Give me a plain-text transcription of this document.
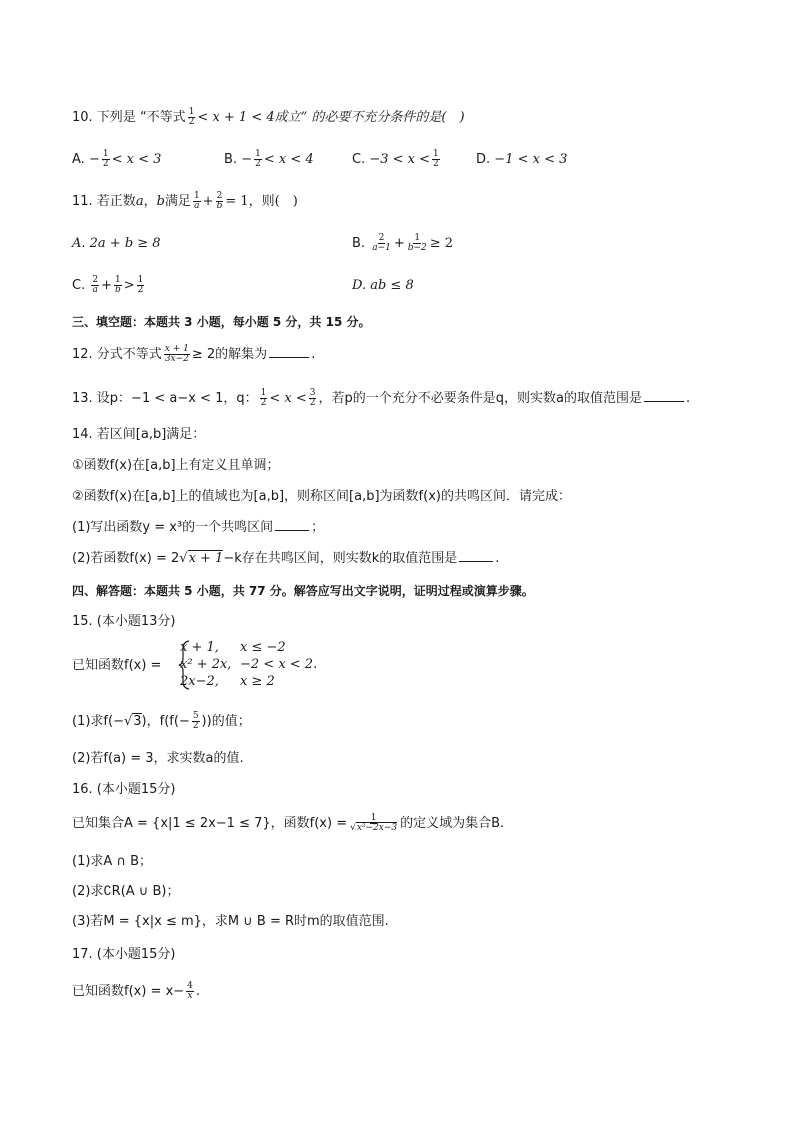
10. 下列是 “不等式 $\frac{1}{2} < x + 1 < 4$成立” 的必要不充分条件的是(　)
A. − $\frac{1}{2} < x < 3$	B. − $\frac{1}{2} < x < 4$	C. $-3 < x < \frac{1}{2}$	D. −1 < x < 3
11. 若正数a，b满足 $\frac{1}{a} + \frac{2}{b} = 1$，则(　)
A. 2a + b ≥ 8	B. $\frac{2}{a-1} + \frac{1}{b-2} \ge 2$
C. $\frac{2}{a} + \frac{1}{b} > \frac{1}{2}$	D. ab ≤ 8
三、填空题：本题共 3 小题，每小题 5 分，共 15 分。
12. 分式不等式 $\frac{x + 1}{3x-2} \ge 2$的解集为	.
13. 设p：−1 < a−x < 1，q： $\frac{1}{2} < x < \frac{3}{2}$ ，若p的一个充分不必要条件是q，则实数a的取值范围是	.
14. 若区间[a,b]满足：
①函数f(x)在[a,b]上有定义且单调；
②函数f(x)在[a,b]上的值域也为[a,b]，则称区间[a,b]为函数f(x)的共鸣区间．请完成：
(1)写出函数y = x³的一个共鸣区间	；
(2)若函数f(x) = 2√x + 1−k存在共鸣区间，则实数k的取值范围是	.
四、解答题：本题共 5 小题，共 77 分。解答应写出文字说明，证明过程或演算步骤。
15. (本小题13分)
已知函数f(x) =
x + 1, x ≤ −2
x² + 2x, −2 < x < 2.
2x−2, x ≥ 2
(1)求f(−√3)，$f(f(- \frac{5}{2}$ ))的值；
(2)若f(a) = 3，求实数a的值.
16. (本小题15分)
已知集合A = {x|1 ≤ 2x−1 ≤ 7}，函数$f(x) = \frac{1}{\text{√x²−2x−3}}$ 的定义域为集合B.
(1)求A ∩ B；
(2)求∁R(A ∪ B)；
(3)若M = {x|x ≤ m}，求M ∪ B = R时m的取值范围.
17. (本小题15分)
已知函数$f(x) = x- \frac{4}{x}$ .
